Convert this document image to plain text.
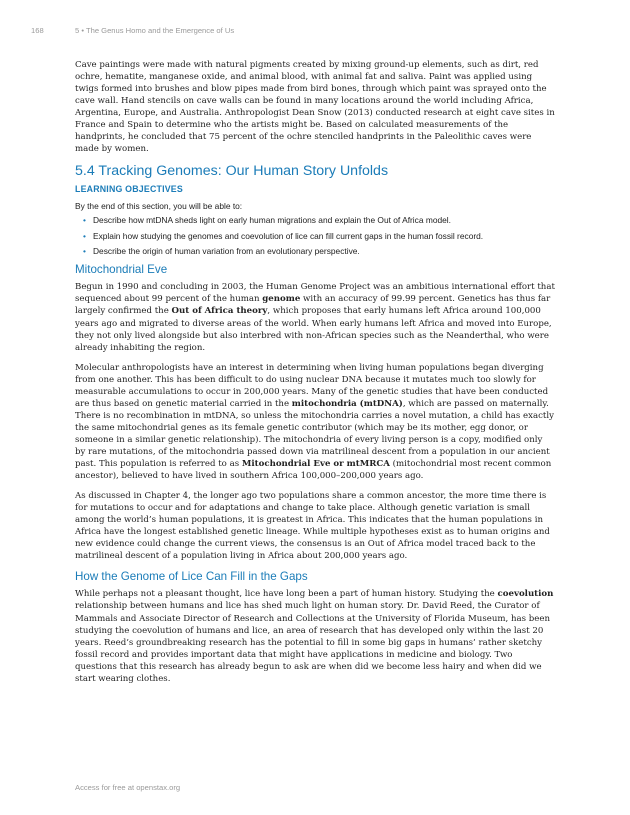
168	5 • The Genus Homo and the Emergence of Us

Cave paintings were made with natural pigments created by mixing ground-up elements, such as dirt, red ochre, hematite, manganese oxide, and animal blood, with animal fat and saliva. Paint was applied using twigs formed into brushes and blow pipes made from bird bones, through which paint was sprayed onto the cave wall. Hand stencils on cave walls can be found in many locations around the world including Africa, Argentina, Europe, and Australia. Anthropologist Dean Snow (2013) conducted research at eight cave sites in France and Spain to determine who the artists might be. Based on calculated measurements of the handprints, he concluded that 75 percent of the ochre stenciled handprints in the Paleolithic caves were made by women.

5.4 Tracking Genomes: Our Human Story Unfolds
LEARNING OBJECTIVES
By the end of this section, you will be able to:
• Describe how mtDNA sheds light on early human migrations and explain the Out of Africa model.
• Explain how studying the genomes and coevolution of lice can fill current gaps in the human fossil record.
• Describe the origin of human variation from an evolutionary perspective.
Mitochondrial Eve

Begun in 1990 and concluding in 2003, the Human Genome Project was an ambitious international effort that sequenced about 99 percent of the human genome with an accuracy of 99.99 percent. Genetics has thus far largely confirmed the Out of Africa theory, which proposes that early humans left Africa around 100,000 years ago and migrated to diverse areas of the world. When early humans left Africa and moved into Europe, they not only lived alongside but also interbred with non-African species such as the Neanderthal, who were already inhabiting the region.

Molecular anthropologists have an interest in determining when living human populations began diverging from one another. This has been difficult to do using nuclear DNA because it mutates much too slowly for measurable accumulations to occur in 200,000 years. Many of the genetic studies that have been conducted are thus based on genetic material carried in the mitochondria (mtDNA), which are passed on maternally. There is no recombination in mtDNA, so unless the mitochondria carries a novel mutation, a child has exactly the same mitochondrial genes as its female genetic contributor (which may be its mother, egg donor, or someone in a similar genetic relationship). The mitochondria of every living person is a copy, modified only by rare mutations, of the mitochondria passed down via matrilineal descent from a population in our ancient past. This population is referred to as Mitochondrial Eve or mtMRCA (mitochondrial most recent common ancestor), believed to have lived in southern Africa 100,000–200,000 years ago.

As discussed in Chapter 4, the longer ago two populations share a common ancestor, the more time there is for mutations to occur and for adaptations and change to take place. Although genetic variation is small among the world’s human populations, it is greatest in Africa. This indicates that the human populations in Africa have the longest established genetic lineage. While multiple hypotheses exist as to human origins and new evidence could change the current views, the consensus is an Out of Africa model traced back to the matrilineal descent of a population living in Africa about 200,000 years ago.

How the Genome of Lice Can Fill in the Gaps

While perhaps not a pleasant thought, lice have long been a part of human history. Studying the coevolution relationship between humans and lice has shed much light on human story. Dr. David Reed, the Curator of Mammals and Associate Director of Research and Collections at the University of Florida Museum, has been studying the coevolution of humans and lice, an area of research that has developed only within the last 20 years. Reed’s groundbreaking research has the potential to fill in some big gaps in humans’ rather sketchy fossil record and provides important data that might have applications in medicine and biology. Two questions that this research has already begun to ask are when did we become less hairy and when did we start wearing clothes.

Access for free at openstax.org
